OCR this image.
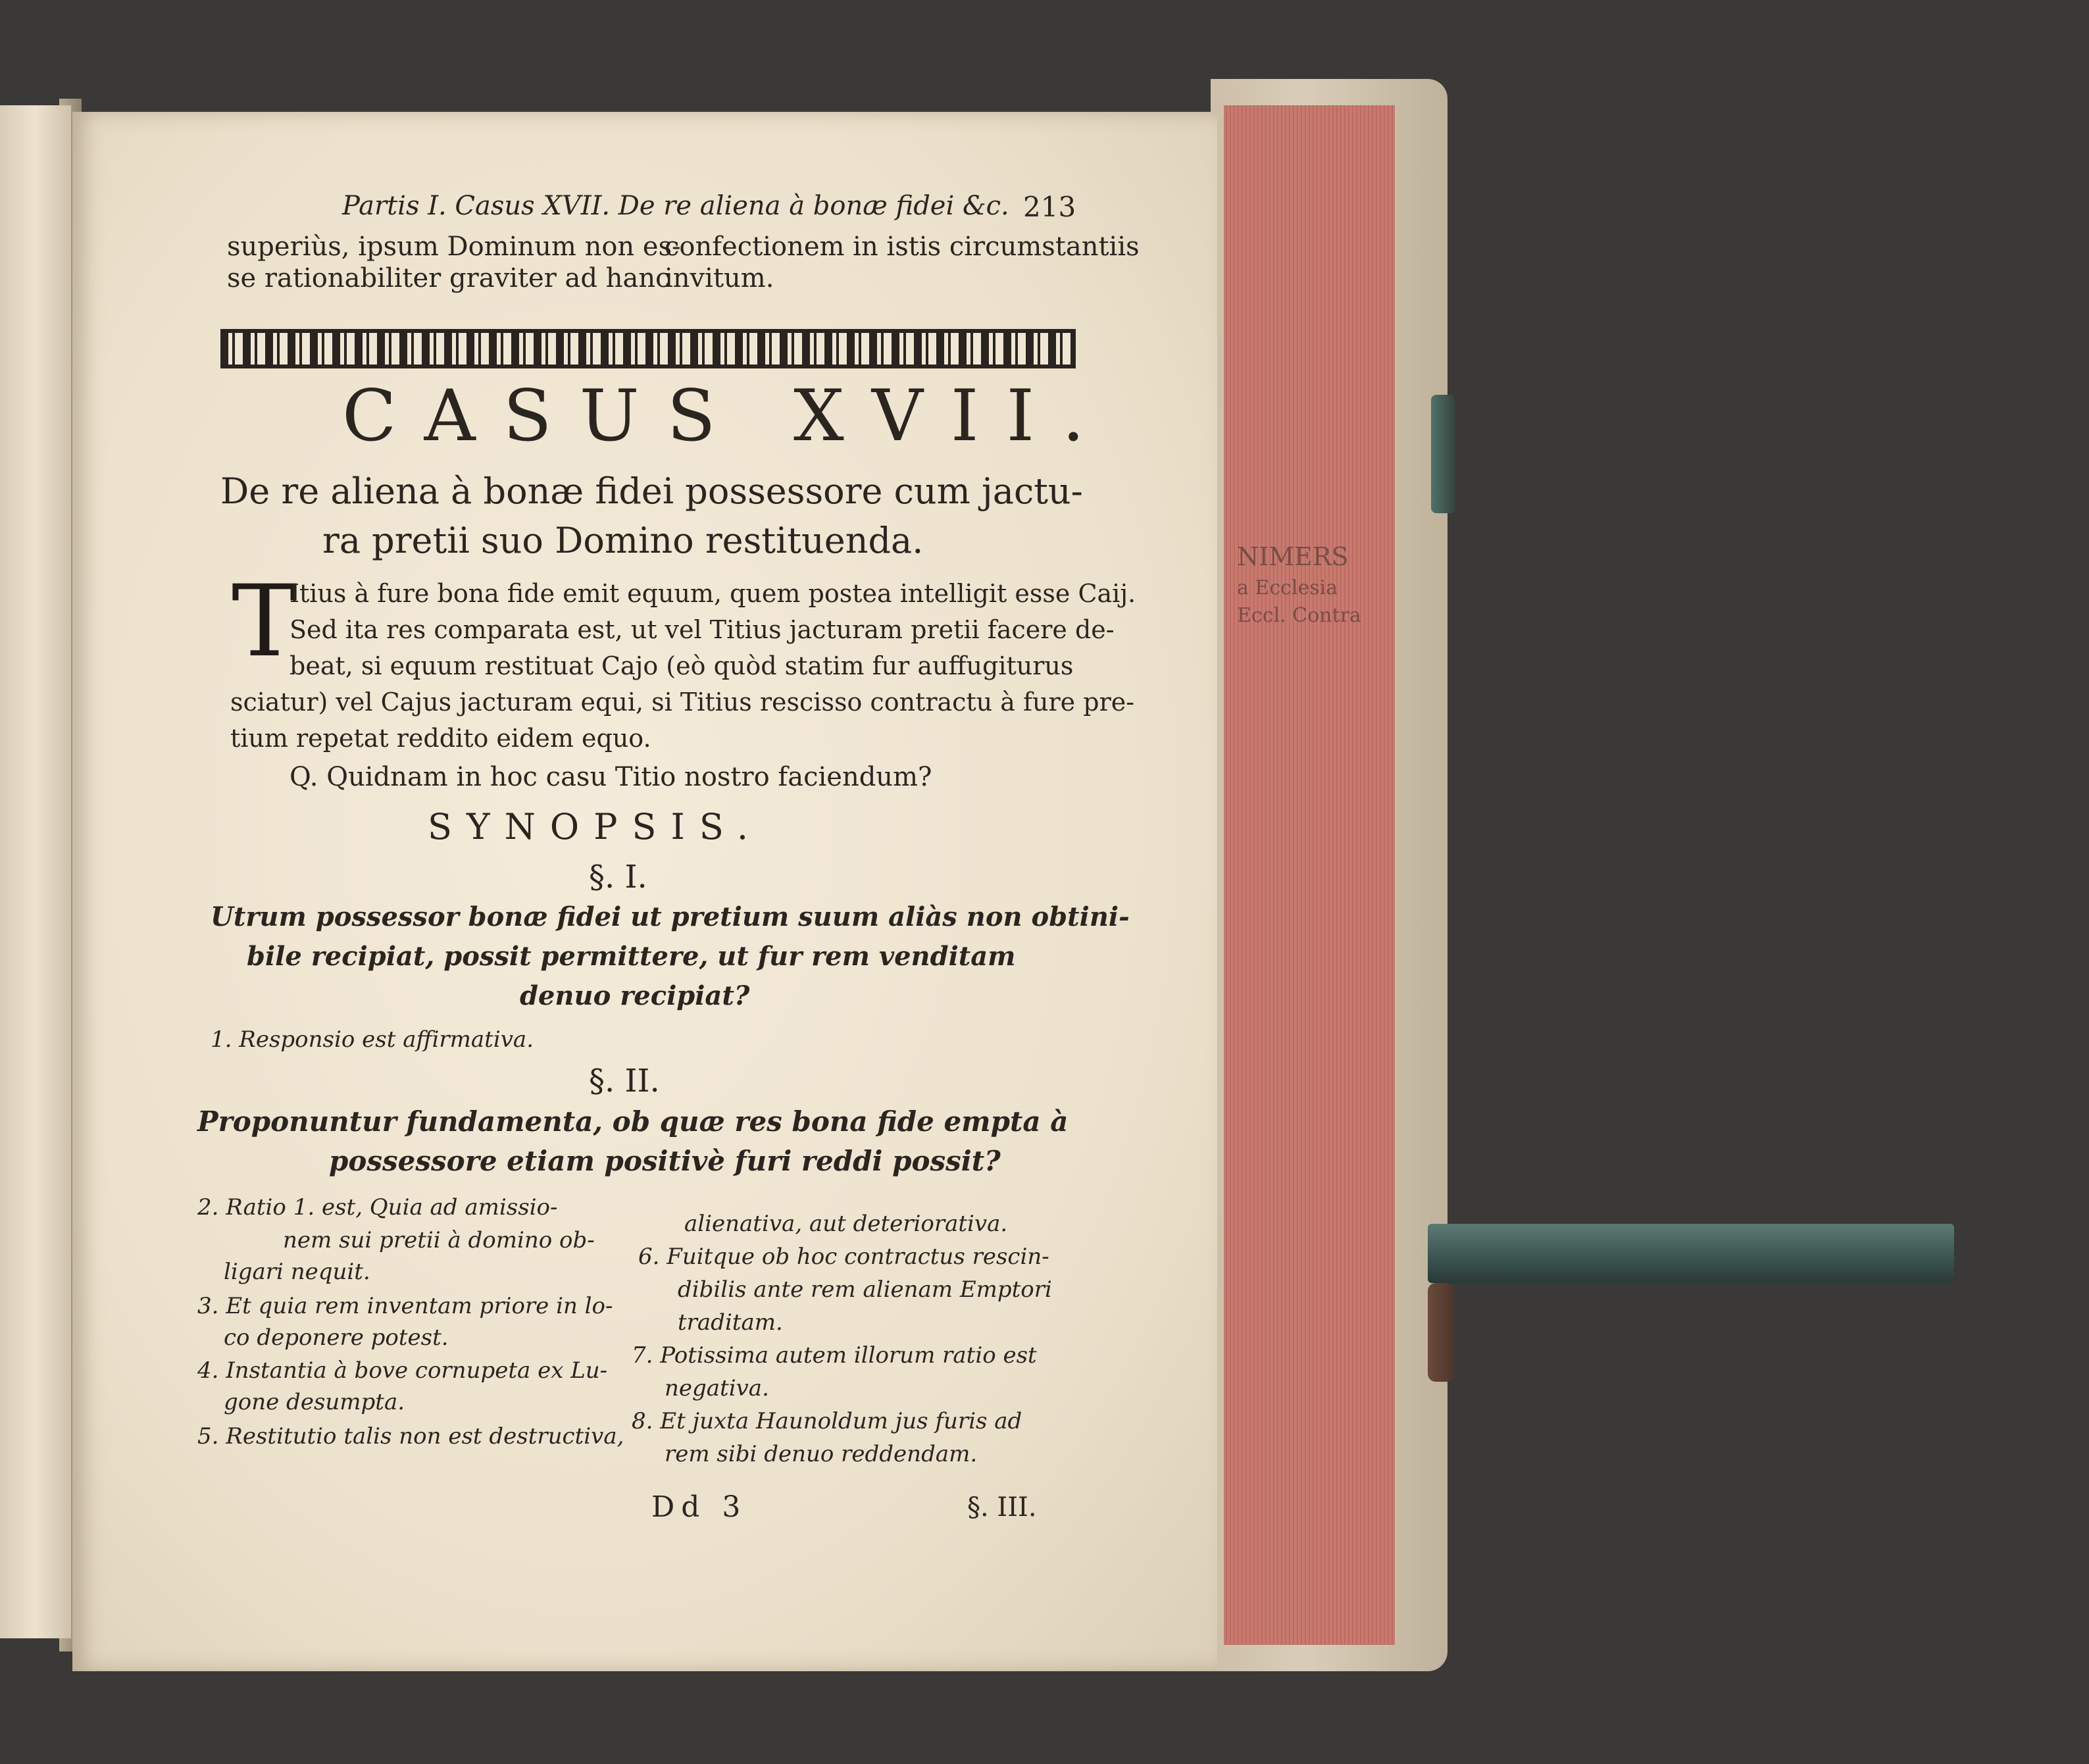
NIMERS
a Ecclesia
Eccl. Contra
Partis I. Casus XVII. De re aliena à bonæ fidei &c. 213
superiùs, ipsum Dominum non es-
se rationabiliter graviter ad hanc
confectionem in istis circumstantiis
invitum.
CASUS XVII.
De re aliena à bonæ fidei possessore cum jactu-
ra pretii suo Domino restituenda.
T
Itius à fure bona fide emit equum, quem postea intelligit esse Caij.
Sed ita res comparata est, ut vel Titius jacturam pretii facere de-
beat, si equum restituat Cajo (eò quòd statim fur auffugiturus
sciatur) vel Cajus jacturam equi, si Titius rescisso contractu à fure pre-
tium repetat reddito eidem equo.
Q. Quidnam in hoc casu Titio nostro faciendum?
SYNOPSIS.
§. I.
Utrum possessor bonæ fidei ut pretium suum aliàs non obtini-
bile recipiat, possit permittere, ut fur rem venditam
denuo recipiat?
1. Responsio est affirmativa.
§. II.
Proponuntur fundamenta, ob quæ res bona fide empta à
possessore etiam positivè furi reddi possit?
2. Ratio 1. est, Quia ad amissio-
nem sui pretii à domino ob-
ligari nequit.
3. Et quia rem inventam priore in lo-
co deponere potest.
4. Instantia à bove cornupeta ex Lu-
gone desumpta.
5. Restitutio talis non est destructiva,
alienativa, aut deteriorativa.
6. Fuitque ob hoc contractus rescin-
dibilis ante rem alienam Emptori
traditam.
7. Potissima autem illorum ratio est
negativa.
8. Et juxta Haunoldum jus furis ad
rem sibi denuo reddendam.
Dd 3	§. III.
